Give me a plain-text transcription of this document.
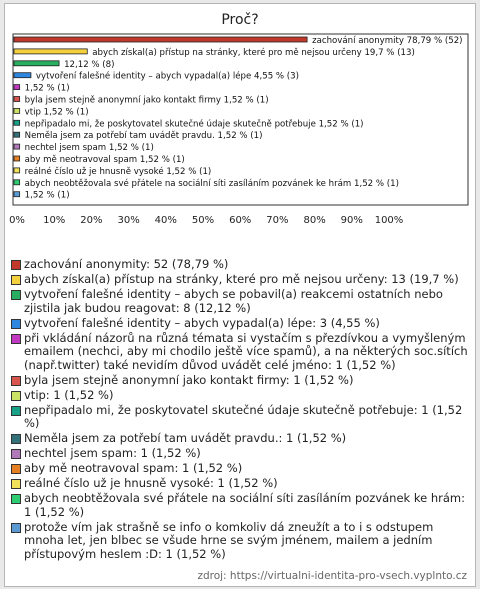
Proč?
0% 10% 20% 30% 40% 50% 60% 70% 80% 90% 100%
zachování anonymity 78,79 % (52)
abych získal(a) přístup na stránky, které pro mě nejsou určeny 19,7 % (13)
12,12 % (8)
vytvoření falešné identity – abych vypadal(a) lépe 4,55 % (3)
1,52 % (1)
byla jsem stejně anonymní jako kontakt firmy 1,52 % (1)
vtip 1,52 % (1)
nepřipadalo mi, že poskytovatel skutečné údaje skutečně potřebuje 1,52 % (1)
Neměla jsem za potřebí tam uvádět pravdu. 1,52 % (1)
nechtel jsem spam 1,52 % (1)
aby mě neotravoval spam 1,52 % (1)
reálné číslo už je hnusně vysoké 1,52 % (1)
abych neobtěžovala své přátele na sociální síti zasíláním pozvánek ke hrám 1,52 % (1)
1,52 % (1)
zachování anonymity: 52 (78,79 %)
abych získal(a) přístup na stránky, které pro mě nejsou určeny: 13 (19,7 %)
vytvoření falešné identity – abych se pobavil(a) reakcemi ostatních nebo zjistila jak budou reagovat: 8 (12,12 %)
vytvoření falešné identity – abych vypadal(a) lépe: 3 (4,55 %)
při vkládání názorů na různá témata si vystačím s přezdívkou a vymyšleným emailem (nechci, aby mi chodilo ještě více spamů), a na některých soc.sítích (např.twitter) také nevidím důvod uvádět celé jméno: 1 (1,52 %)
byla jsem stejně anonymní jako kontakt firmy: 1 (1,52 %)
vtip: 1 (1,52 %)
nepřipadalo mi, že poskytovatel skutečné údaje skutečně potřebuje: 1 (1,52 %)
Neměla jsem za potřebí tam uvádět pravdu.: 1 (1,52 %)
nechtel jsem spam: 1 (1,52 %)
aby mě neotravoval spam: 1 (1,52 %)
reálné číslo už je hnusně vysoké: 1 (1,52 %)
abych neobtěžovala své přátele na sociální síti zasíláním pozvánek ke hrám: 1 (1,52 %)
protože vím jak strašně se info o komkoliv dá zneužít a to i s odstupem mnoha let, jen blbec se všude hrne se svým jménem, mailem a jedním přístupovým heslem :D: 1 (1,52 %)
zdroj: https://virtualni-identita-pro-vsech.vyplnto.cz
